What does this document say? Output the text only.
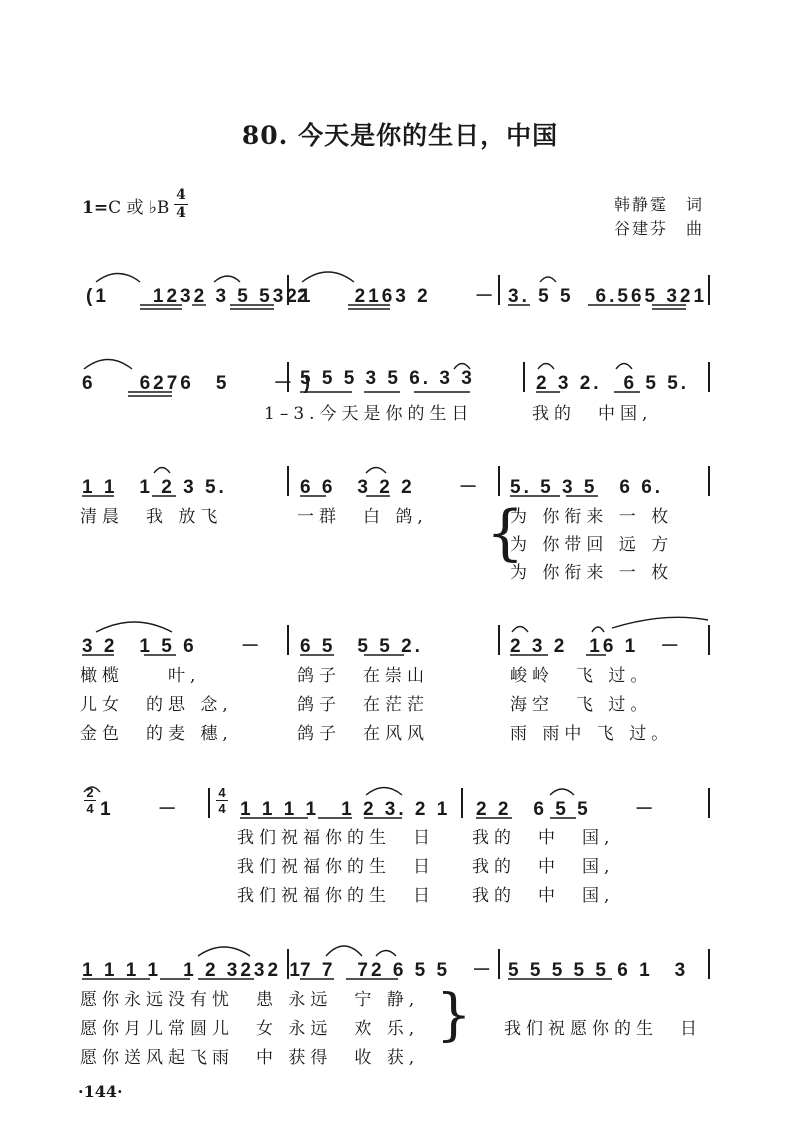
80. 今天是你的生日，中国
1=C 或 ♭B
4
4	韩静霆　词
谷建芬　曲
(1　　1232 3 5 5321
2　　2163 2　　－ 3. 5 5　6.565 321
6　　6276　5　　－ )
5 5 5 3 5 6. 3 3	2 3 2.　6 5 5.
1–3.今天是你的生日	我的　中国,
1 1　1 2 3 5.	6 6　3 2 2　　－ 5. 5 3 5　6 6.
清晨　我 放飞	一群　白 鸽,	为 你衔来 一 枚
为 你带回 远 方
为 你衔来 一 枚
3 2　1 5 6　　－ 6 5　5 5 2.	2 3 2　16 1　－
橄榄　　叶,	鸽子　在崇山	峻岭　飞 过。
儿女　的思 念,	鸽子　在茫茫	海空　飞 过。
金色　的麦 穗,	鸽子　在风风	雨 雨中 飞 过。
2
4 1　　－
4
4 1 1 1 1　1 2 3. 2 1 2 2　6 5 5　　－
我们祝福你的生　日 我的　中　国,
我们祝福你的生　日 我的　中　国,
我们祝福你的生　日 我的　中　国,
1 1 1 1　1 2 3232 1
7 7　72 6 5 5　－ 5 5 5 5 5 6 1　3
愿你永远没有忧　患 永远　宁 静,
愿你月儿常圆儿　女 永远　欢 乐,
愿你送风起飞雨　中 获得　收 获,
} 我们祝愿你的生　日
{
·144·
